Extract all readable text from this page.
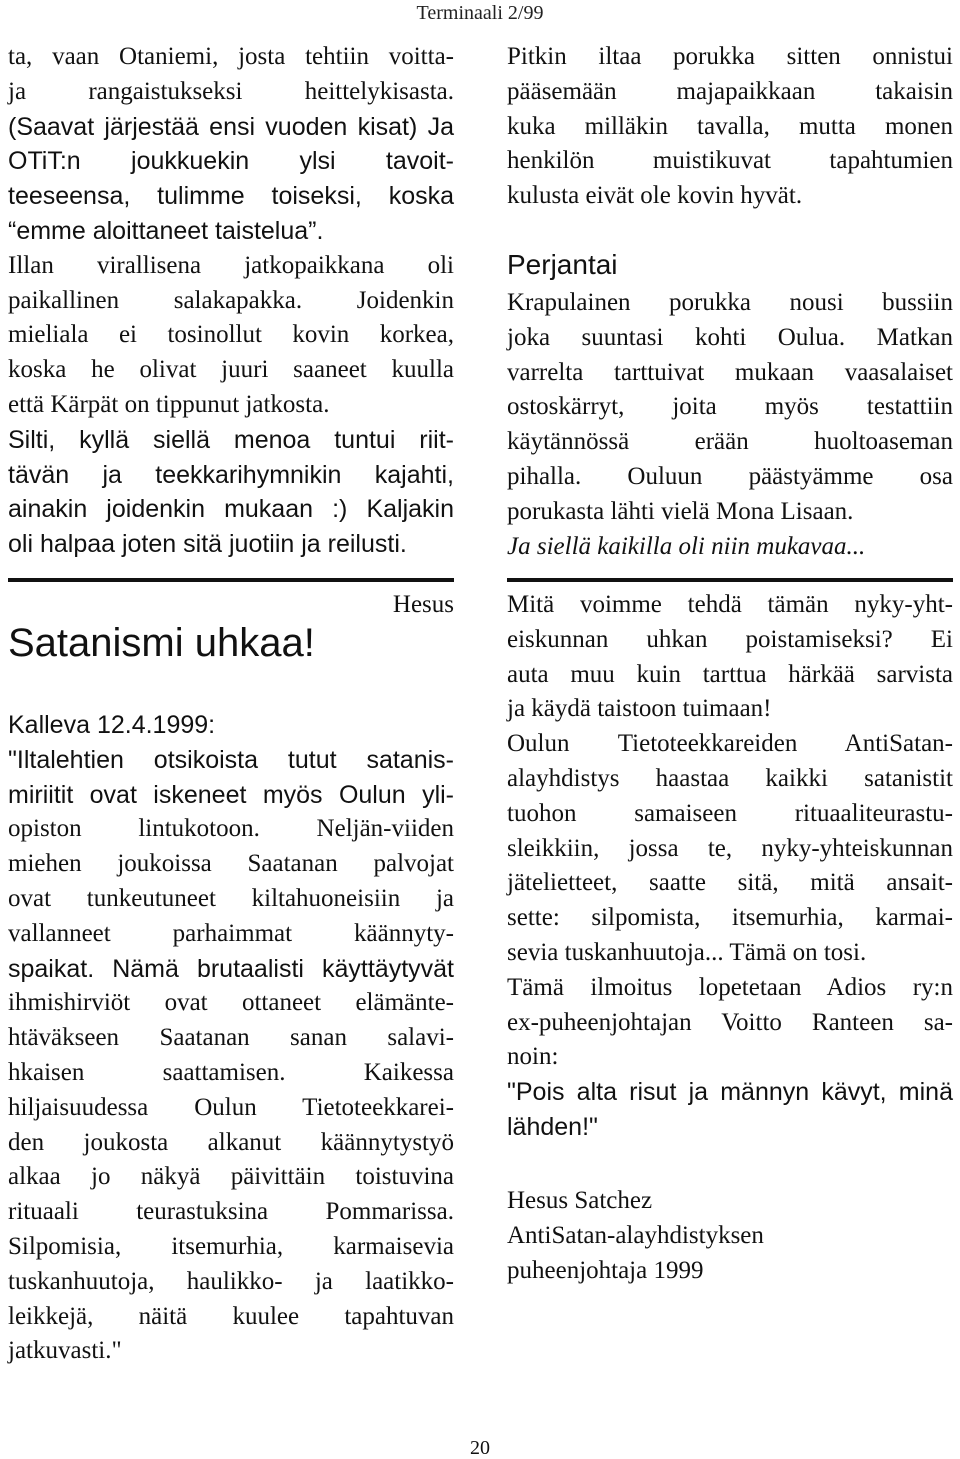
Terminaali 2/99
ta, vaan Otaniemi, josta tehtiin voitta-
ja rangaistukseksi heittelykisasta.
(Saavat järjestää ensi vuoden kisat) Ja
OTiT:n joukkuekin ylsi tavoit-
teeseensa, tulimme toiseksi, koska
“emme aloittaneet taistelua”.
Illan virallisena jatkopaikkana oli
paikallinen salakapakka. Joidenkin
mieliala ei tosinollut kovin korkea,
koska he olivat juuri saaneet kuulla
että Kärpät on tippunut jatkosta.
Silti, kyllä siellä menoa tuntui riit-
tävän ja teekkarihymnikin kajahti,
ainakin joidenkin mukaan :) Kaljakin
oli halpaa joten sitä juotiin ja reilusti.
Hesus
Satanismi uhkaa!
Kalleva 12.4.1999:
"Iltalehtien otsikoista tutut satanis-
miriitit ovat iskeneet myös Oulun yli-
opiston lintukotoon. Neljän-viiden
miehen joukoissa Saatanan palvojat
ovat tunkeutuneet kiltahuoneisiin ja
vallanneet parhaimmat käännyty-
spaikat. Nämä brutaalisti käyttäytyvät
ihmishirviöt ovat ottaneet elämänte-
htäväkseen Saatanan sanan salavi-
hkaisen saattamisen. Kaikessa
hiljaisuudessa Oulun Tietoteekkarei-
den joukosta alkanut käännytystyö
alkaa jo näkyä päivittäin toistuvina
rituaali teurastuksina Pommarissa.
Silpomisia, itsemurhia, karmaisevia
tuskanhuutoja, haulikko- ja laatikko-
leikkejä, näitä kuulee tapahtuvan
jatkuvasti."
Pitkin iltaa porukka sitten onnistui
pääsemään majapaikkaan takaisin
kuka milläkin tavalla, mutta monen
henkilön muistikuvat tapahtumien
kulusta eivät ole kovin hyvät.
Perjantai
Krapulainen porukka nousi bussiin
joka suuntasi kohti Oulua. Matkan
varrelta tarttuivat mukaan vaasalaiset
ostoskärryt, joita myös testattiin
käytännössä erään huoltoaseman
pihalla. Ouluun päästyämme osa
porukasta lähti vielä Mona Lisaan.
Ja siellä kaikilla oli niin mukavaa...
Mitä voimme tehdä tämän nyky-yht-
eiskunnan uhkan poistamiseksi? Ei
auta muu kuin tarttua härkää sarvista
ja käydä taistoon tuimaan!
Oulun Tietoteekkareiden AntiSatan-
alayhdistys haastaa kaikki satanistit
tuohon samaiseen rituaaliteurastu-
sleikkiin, jossa te, nyky-yhteiskunnan
jätelietteet, saatte sitä, mitä ansait-
sette: silpomista, itsemurhia, karmai-
sevia tuskanhuutoja... Tämä on tosi.
Tämä ilmoitus lopetetaan Adios ry:n
ex-puheenjohtajan Voitto Ranteen sa-
noin:
"Pois alta risut ja männyn kävyt, minä
lähden!"
Hesus Satchez
AntiSatan-alayhdistyksen
puheenjohtaja 1999
20
